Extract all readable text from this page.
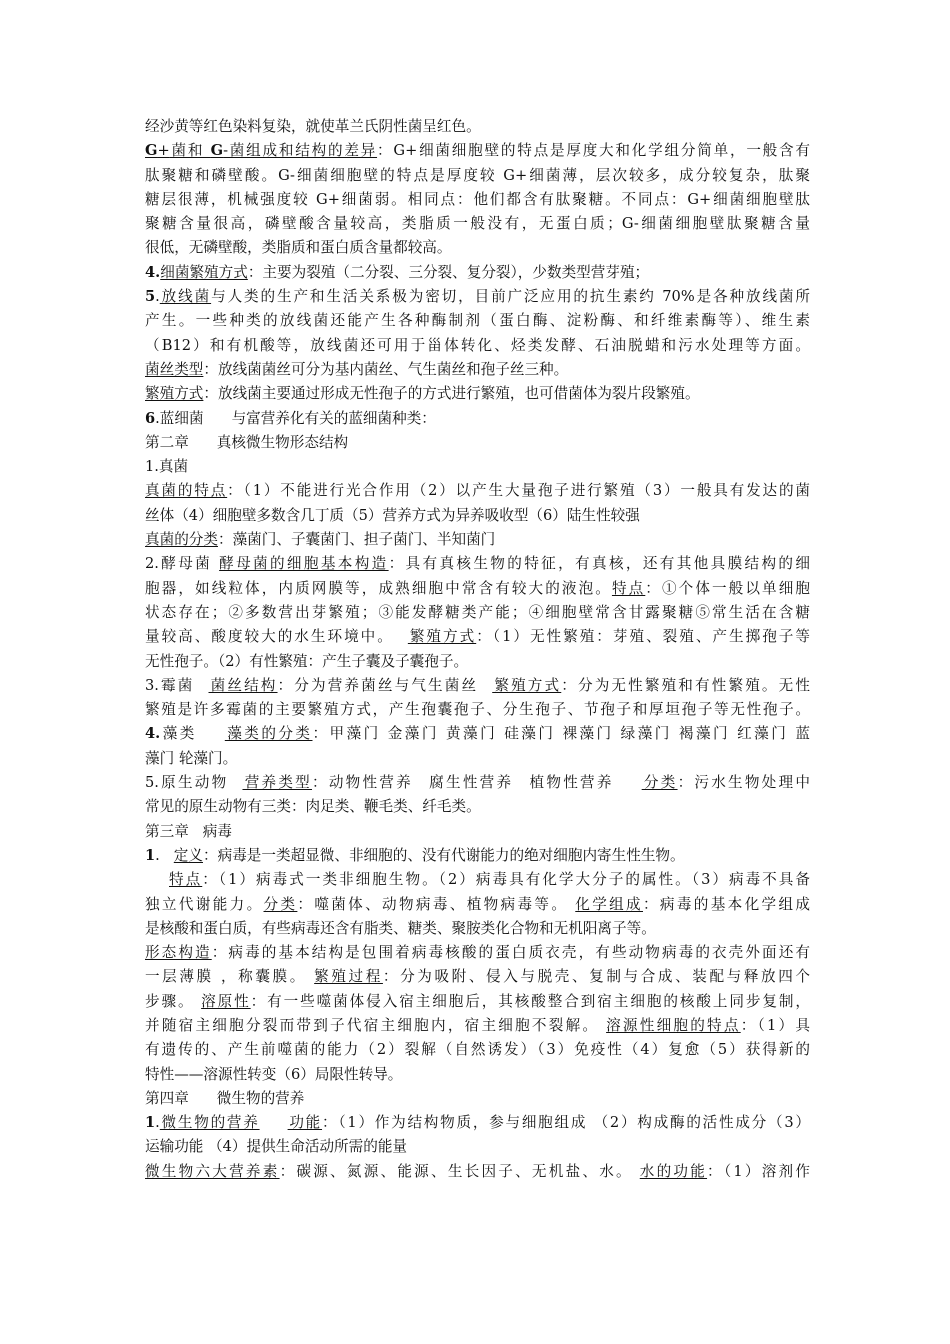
经沙黄等红色染料复染，就使革兰氏阴性菌呈红色。
G+菌和 G-菌组成和结构的差异：G+细菌细胞壁的特点是厚度大和化学组分简单，一般含有
肽聚糖和磷壁酸。G-细菌细胞壁的特点是厚度较 G+细菌薄，层次较多，成分较复杂，肽聚
糖层很薄，机械强度较 G+细菌弱。相同点：他们都含有肽聚糖。不同点：G+细菌细胞壁肽
聚糖含量很高，磷壁酸含量较高，类脂质一般没有，无蛋白质；G-细菌细胞壁肽聚糖含量
很低，无磷壁酸，类脂质和蛋白质含量都较高。
4.细菌繁殖方式：主要为裂殖（二分裂、三分裂、复分裂），少数类型营芽殖；
5.放线菌与人类的生产和生活关系极为密切，目前广泛应用的抗生素约 70%是各种放线菌所
产生。一些种类的放线菌还能产生各种酶制剂（蛋白酶、淀粉酶、和纤维素酶等）、维生素
（B12）和有机酸等，放线菌还可用于甾体转化、烃类发酵、石油脱蜡和污水处理等方面。
菌丝类型：放线菌菌丝可分为基内菌丝、气生菌丝和孢子丝三种。
繁殖方式：放线菌主要通过形成无性孢子的方式进行繁殖，也可借菌体为裂片段繁殖。
6.蓝细菌 与富营养化有关的蓝细菌种类：
第二章 真核微生物形态结构
1.真菌
真菌的特点：（1）不能进行光合作用（2）以产生大量孢子进行繁殖（3）一般具有发达的菌
丝体（4）细胞壁多数含几丁质（5）营养方式为异养吸收型（6）陆生性较强
真菌的分类：藻菌门、子囊菌门、担子菌门、半知菌门
2.酵母菌 酵母菌的细胞基本构造：具有真核生物的特征，有真核，还有其他具膜结构的细
胞器，如线粒体，内质网膜等，成熟细胞中常含有较大的液泡。特点：①个体一般以单细胞
状态存在；②多数营出芽繁殖；③能发酵糖类产能；④细胞壁常含甘露聚糖⑤常生活在含糖
量较高、酸度较大的水生环境中。 繁殖方式：（1）无性繁殖：芽殖、裂殖、产生掷孢子等
无性孢子。（2）有性繁殖：产生子囊及子囊孢子。
3.霉菌 菌丝结构：分为营养菌丝与气生菌丝 繁殖方式：分为无性繁殖和有性繁殖。无性
繁殖是许多霉菌的主要繁殖方式，产生孢囊孢子、分生孢子、节孢子和厚垣孢子等无性孢子。
4.藻类 藻类的分类：甲藻门 金藻门 黄藻门 硅藻门 裸藻门 绿藻门 褐藻门 红藻门 蓝
藻门 轮藻门。
5.原生动物 营养类型：动物性营养 腐生性营养 植物性营养 分类：污水生物处理中
常见的原生动物有三类：肉足类、鞭毛类、纤毛类。
第三章 病毒
1. 定义：病毒是一类超显微、非细胞的、没有代谢能力的绝对细胞内寄生性生物。
特点：（1）病毒式一类非细胞生物。（2）病毒具有化学大分子的属性。（3）病毒不具备
独立代谢能力。分类：噬菌体、动物病毒、植物病毒等。 化学组成：病毒的基本化学组成
是核酸和蛋白质，有些病毒还含有脂类、糖类、聚胺类化合物和无机阳离子等。
形态构造：病毒的基本结构是包围着病毒核酸的蛋白质衣壳，有些动物病毒的衣壳外面还有
一层薄膜 ，称囊膜。 繁殖过程：分为吸附、侵入与脱壳、复制与合成、装配与释放四个
步骤。 溶原性：有一些噬菌体侵入宿主细胞后，其核酸整合到宿主细胞的核酸上同步复制，
并随宿主细胞分裂而带到子代宿主细胞内，宿主细胞不裂解。 溶源性细胞的特点：（1）具
有遗传的、产生前噬菌的能力（2）裂解（自然诱发）（3）免疫性（4）复愈（5）获得新的
特性——溶源性转变（6）局限性转导。
第四章 微生物的营养
1.微生物的营养 功能：（1）作为结构物质，参与细胞组成 （2）构成酶的活性成分（3）
运输功能 （4）提供生命活动所需的能量
微生物六大营养素：碳源、氮源、能源、生长因子、无机盐、水。 水的功能：（1）溶剂作
